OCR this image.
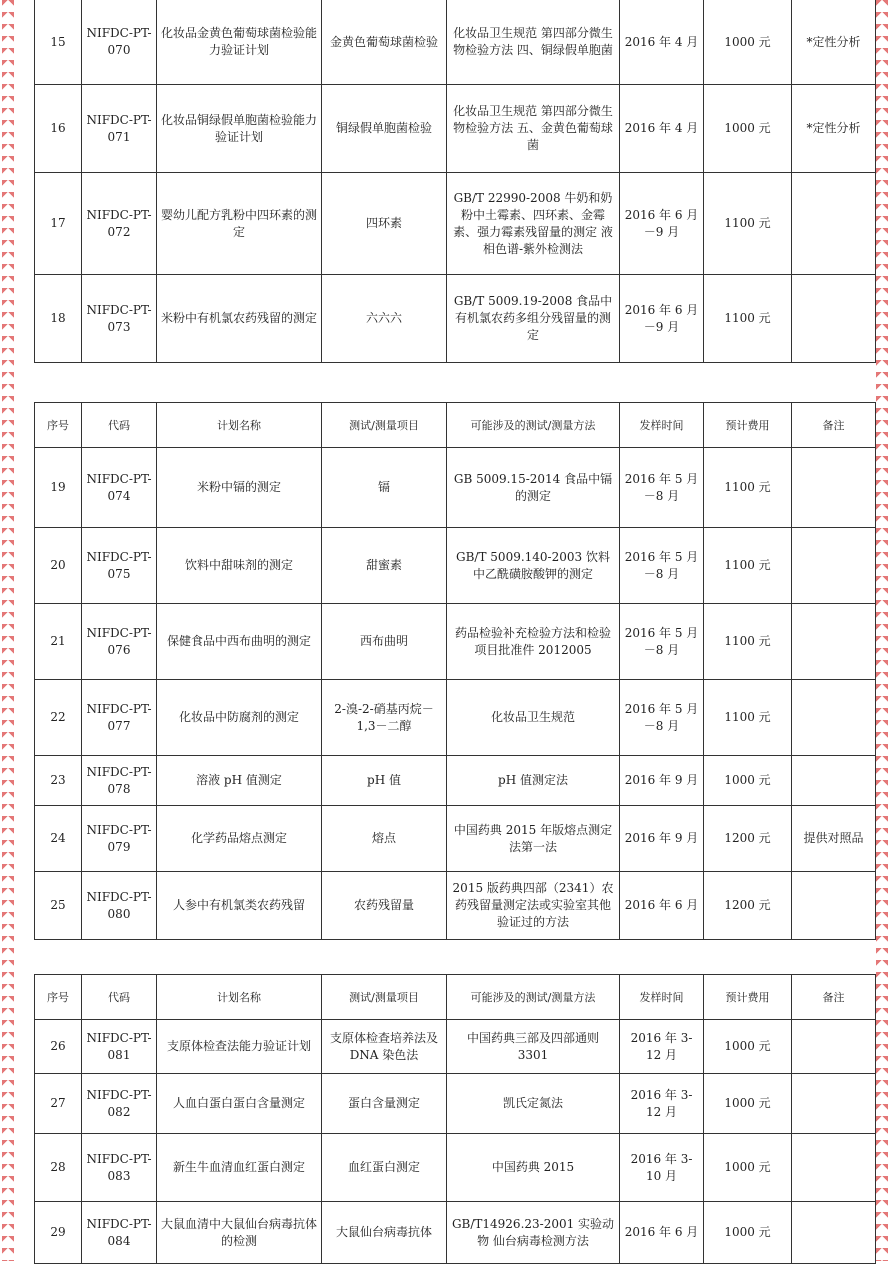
15	NIFDC-PT-070	化妆品金黄色葡萄球菌检验能力验证计划	金黄色葡萄球菌检验	化妆品卫生规范 第四部分微生物检验方法 四、铜绿假单胞菌	2016 年 4 月	1000 元	*定性分析
16	NIFDC-PT-071	化妆品铜绿假单胞菌检验能力验证计划	铜绿假单胞菌检验	化妆品卫生规范 第四部分微生物检验方法 五、金黄色葡萄球菌	2016 年 4 月	1000 元	*定性分析
17	NIFDC-PT-072	婴幼儿配方乳粉中四环素的测定	四环素	GB/T 22990-2008 牛奶和奶粉中土霉素、四环素、金霉素、强力霉素残留量的测定 液相色谱-紫外检测法	2016 年 6 月－9 月	1100 元	
18	NIFDC-PT-073	米粉中有机氯农药残留的测定	六六六	GB/T 5009.19-2008 食品中有机氯农药多组分残留量的测定	2016 年 6 月－9 月	1100 元	
序号	代码	计划名称	测试/测量项目	可能涉及的测试/测量方法	发样时间	预计费用	备注
19	NIFDC-PT-074	米粉中镉的测定	镉	GB 5009.15-2014 食品中镉的测定	2016 年 5 月－8 月	1100 元	
20	NIFDC-PT-075	饮料中甜味剂的测定	甜蜜素	GB/T 5009.140-2003 饮料中乙酰磺胺酸钾的测定	2016 年 5 月－8 月	1100 元	
21	NIFDC-PT-076	保健食品中西布曲明的测定	西布曲明	药品检验补充检验方法和检验项目批准件 2012005	2016 年 5 月－8 月	1100 元	
22	NIFDC-PT-077	化妆品中防腐剂的测定	2-溴-2-硝基丙烷－1,3－二醇	化妆品卫生规范	2016 年 5 月－8 月	1100 元	
23	NIFDC-PT-078	溶液 pH 值测定	pH 值	pH 值测定法	2016 年 9 月	1000 元	
24	NIFDC-PT-079	化学药品熔点测定	熔点	中国药典 2015 年版熔点测定法第一法	2016 年 9 月	1200 元	提供对照品
25	NIFDC-PT-080	人参中有机氯类农药残留	农药残留量	2015 版药典四部（2341）农药残留量测定法或实验室其他验证过的方法	2016 年 6 月	1200 元	
序号	代码	计划名称	测试/测量项目	可能涉及的测试/测量方法	发样时间	预计费用	备注
26	NIFDC-PT-081	支原体检查法能力验证计划	支原体检查培养法及 DNA 染色法	中国药典三部及四部通则 3301	2016 年 3-12 月	1000 元	
27	NIFDC-PT-082	人血白蛋白蛋白含量测定	蛋白含量测定	凯氏定氮法	2016 年 3-12 月	1000 元	
28	NIFDC-PT-083	新生牛血清血红蛋白测定	血红蛋白测定	中国药典 2015	2016 年 3-10 月	1000 元	
29	NIFDC-PT-084	大鼠血清中大鼠仙台病毒抗体的检测	大鼠仙台病毒抗体	GB/T14926.23-2001 实验动物 仙台病毒检测方法	2016 年 6 月	1000 元	
